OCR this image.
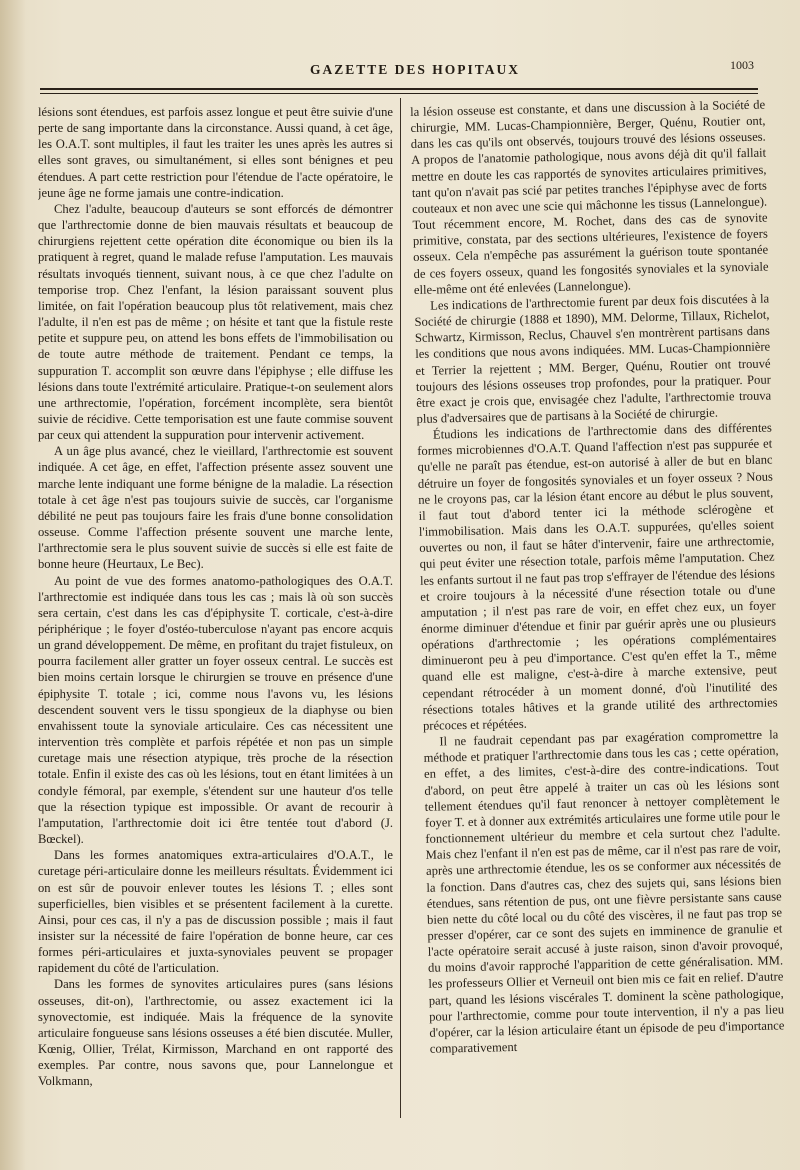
GAZETTE DES HOPITAUX	1003

lésions sont étendues, est parfois assez longue et peut être suivie d'une perte de sang importante dans la circonstance. Aussi quand, à cet âge, les O.A.T. sont multiples, il faut les traiter les unes après les autres si elles sont graves, ou simultanément, si elles sont bénignes et peu étendues. A part cette restriction pour l'étendue de l'acte opératoire, le jeune âge ne forme jamais une contre-indication.

Chez l'adulte, beaucoup d'auteurs se sont efforcés de démontrer que l'arthrectomie donne de bien mauvais résultats et beaucoup de chirurgiens rejettent cette opération dite économique ou bien ils la pratiquent à regret, quand le malade refuse l'amputation. Les mauvais résultats invoqués tiennent, suivant nous, à ce que chez l'adulte on temporise trop. Chez l'enfant, la lésion paraissant souvent plus limitée, on fait l'opération beaucoup plus tôt relativement, mais chez l'adulte, il n'en est pas de même ; on hésite et tant que la fistule reste petite et suppure peu, on attend les bons effets de l'immobilisation ou de toute autre méthode de traitement. Pendant ce temps, la suppuration T. accomplit son œuvre dans l'épiphyse ; elle diffuse les lésions dans toute l'extrémité articulaire. Pratique-t-on seulement alors une arthrectomie, l'opération, forcément incomplète, sera bientôt suivie de récidive. Cette temporisation est une faute commise souvent par ceux qui attendent la suppuration pour intervenir activement.

A un âge plus avancé, chez le vieillard, l'arthrectomie est souvent indiquée. A cet âge, en effet, l'affection présente assez souvent une marche lente indiquant une forme bénigne de la maladie. La résection totale à cet âge n'est pas toujours suivie de succès, car l'organisme débilité ne peut pas toujours faire les frais d'une bonne consolidation osseuse. Comme l'affection présente souvent une marche lente, l'arthrectomie sera le plus souvent suivie de succès si elle est faite de bonne heure (Heurtaux, Le Bec).

Au point de vue des formes anatomo-pathologiques des O.A.T. l'arthrectomie est indiquée dans tous les cas ; mais là où son succès sera certain, c'est dans les cas d'épiphysite T. corticale, c'est-à-dire périphérique ; le foyer d'ostéo-tuberculose n'ayant pas encore acquis un grand développement. De même, en profitant du trajet fistuleux, on pourra facilement aller gratter un foyer osseux central. Le succès est bien moins certain lorsque le chirurgien se trouve en présence d'une épiphysite T. totale ; ici, comme nous l'avons vu, les lésions descendent souvent vers le tissu spongieux de la diaphyse ou bien envahissent toute la synoviale articulaire. Ces cas nécessitent une intervention très complète et parfois répétée et non pas un simple curetage mais une résection atypique, très proche de la résection totale. Enfin il existe des cas où les lésions, tout en étant limitées à un condyle fémoral, par exemple, s'étendent sur une hauteur d'os telle que la résection typique est impossible. Or avant de recourir à l'amputation, l'arthrectomie doit ici être tentée tout d'abord (J. Bœckel).

Dans les formes anatomiques extra-articulaires d'O.A.T., le curetage péri-articulaire donne les meilleurs résultats. Évidemment ici on est sûr de pouvoir enlever toutes les lésions T. ; elles sont superficielles, bien visibles et se présentent facilement à la curette. Ainsi, pour ces cas, il n'y a pas de discussion possible ; mais il faut insister sur la nécessité de faire l'opération de bonne heure, car ces formes péri-articulaires et juxta-synoviales peuvent se propager rapidement du côté de l'articulation.

Dans les formes de synovites articulaires pures (sans lésions osseuses, dit-on), l'arthrectomie, ou assez exactement ici la synovectomie, est indiquée. Mais la fréquence de la synovite articulaire fongueuse sans lésions osseuses a été bien discutée. Muller, Kœnig, Ollier, Trélat, Kirmisson, Marchand en ont rapporté des exemples. Par contre, nous savons que, pour Lannelongue et Volkmann,

la lésion osseuse est constante, et dans une discussion à la Société de chirurgie, MM. Lucas-Championnière, Berger, Quénu, Routier ont, dans les cas qu'ils ont observés, toujours trouvé des lésions osseuses. A propos de l'anatomie pathologique, nous avons déjà dit qu'il fallait mettre en doute les cas rapportés de synovites articulaires primitives, tant qu'on n'avait pas scié par petites tranches l'épiphyse avec de forts couteaux et non avec une scie qui mâchonne les tissus (Lannelongue). Tout récemment encore, M. Rochet, dans des cas de synovite primitive, constata, par des sections ultérieures, l'existence de foyers osseux. Cela n'empêche pas assurément la guérison toute spontanée de ces foyers osseux, quand les fongosités synoviales et la synoviale elle-même ont été enlevées (Lannelongue).

Les indications de l'arthrectomie furent par deux fois discutées à la Société de chirurgie (1888 et 1890), MM. Delorme, Tillaux, Richelot, Schwartz, Kirmisson, Reclus, Chauvel s'en montrèrent partisans dans les conditions que nous avons indiquées. MM. Lucas-Championnière et Terrier la rejettent ; MM. Berger, Quénu, Routier ont trouvé toujours des lésions osseuses trop profondes, pour la pratiquer. Pour être exact je crois que, envisagée chez l'adulte, l'arthrectomie trouva plus d'adversaires que de partisans à la Société de chirurgie.

Étudions les indications de l'arthrectomie dans des différentes formes microbiennes d'O.A.T. Quand l'affection n'est pas suppurée et qu'elle ne paraît pas étendue, est-on autorisé à aller de but en blanc détruire un foyer de fongosités synoviales et un foyer osseux ? Nous ne le croyons pas, car la lésion étant encore au début le plus souvent, il faut tout d'abord tenter ici la méthode sclérogène et l'immobilisation. Mais dans les O.A.T. suppurées, qu'elles soient ouvertes ou non, il faut se hâter d'intervenir, faire une arthrectomie, qui peut éviter une résection totale, parfois même l'amputation. Chez les enfants surtout il ne faut pas trop s'effrayer de l'étendue des lésions et croire toujours à la nécessité d'une résection totale ou d'une amputation ; il n'est pas rare de voir, en effet chez eux, un foyer énorme diminuer d'étendue et finir par guérir après une ou plusieurs opérations d'arthrectomie ; les opérations complémentaires diminueront peu à peu d'importance. C'est qu'en effet la T., même quand elle est maligne, c'est-à-dire à marche extensive, peut cependant rétrocéder à un moment donné, d'où l'inutilité des résections totales hâtives et la grande utilité des arthrectomies précoces et répétées.

Il ne faudrait cependant pas par exagération compromettre la méthode et pratiquer l'arthrectomie dans tous les cas ; cette opération, en effet, a des limites, c'est-à-dire des contre-indications. Tout d'abord, on peut être appelé à traiter un cas où les lésions sont tellement étendues qu'il faut renoncer à nettoyer complètement le foyer T. et à donner aux extrémités articulaires une forme utile pour le fonctionnement ultérieur du membre et cela surtout chez l'adulte. Mais chez l'enfant il n'en est pas de même, car il n'est pas rare de voir, après une arthrectomie étendue, les os se conformer aux nécessités de la fonction. Dans d'autres cas, chez des sujets qui, sans lésions bien étendues, sans rétention de pus, ont une fièvre persistante sans cause bien nette du côté local ou du côté des viscères, il ne faut pas trop se presser d'opérer, car ce sont des sujets en imminence de granulie et l'acte opératoire serait accusé à juste raison, sinon d'avoir provoqué, du moins d'avoir rapproché l'apparition de cette généralisation. MM. les professeurs Ollier et Verneuil ont bien mis ce fait en relief. D'autre part, quand les lésions viscérales T. dominent la scène pathologique, pour l'arthrectomie, comme pour toute intervention, il n'y a pas lieu d'opérer, car la lésion articulaire étant un épisode de peu d'importance comparativement
